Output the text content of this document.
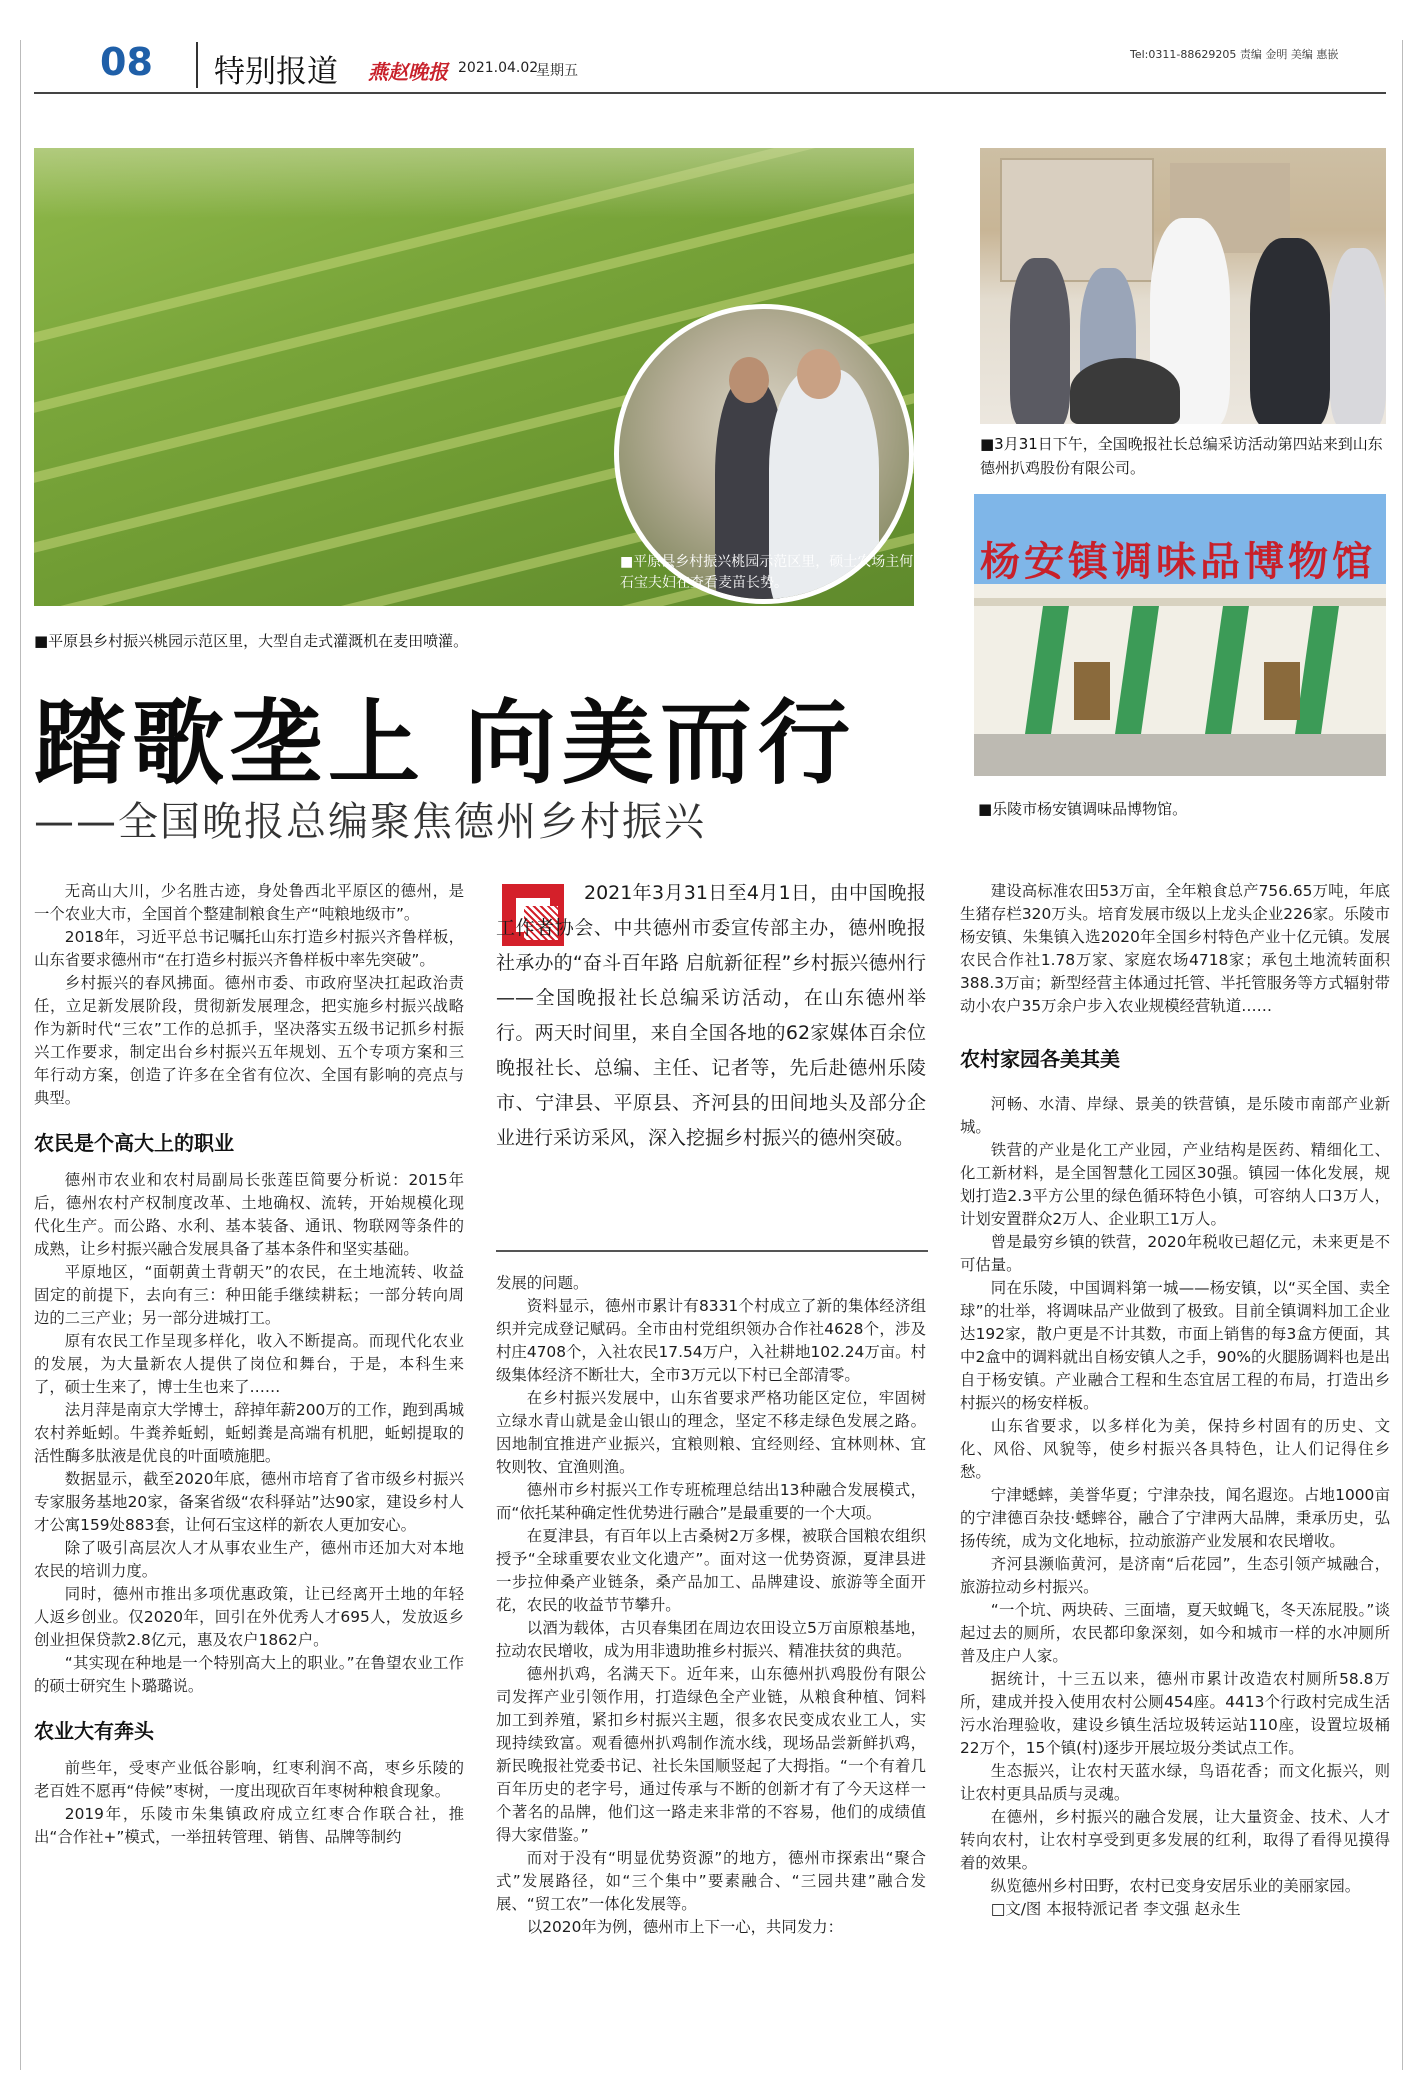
08 特别报道 燕赵晚报 2021.04.02
星期五
Tel:0311-88629205 责编 金明 美编 惠嵌
■平原县乡村振兴桃园示范区里，硕士农场主何石宝夫妇在查看麦苗长势。
■平原县乡村振兴桃园示范区里，大型自走式灌溉机在麦田喷灌。
■3月31日下午，全国晚报社长总编采访活动第四站来到山东德州扒鸡股份有限公司。
杨安镇调味品博物馆
■乐陵市杨安镇调味品博物馆。
踏歌垄上 向美而行
——全国晚报总编聚焦德州乡村振兴
2021年3月31日至4月1日，由中国晚报工作者协会、中共德州市委宣传部主办，德州晚报社承办的“奋斗百年路 启航新征程”乡村振兴德州行——全国晚报社长总编采访活动，在山东德州举行。两天时间里，来自全国各地的62家媒体百余位晚报社长、总编、主任、记者等，先后赴德州乐陵市、宁津县、平原县、齐河县的田间地头及部分企业进行采访采风，深入挖掘乡村振兴的德州突破。

无高山大川，少名胜古迹，身处鲁西北平原区的德州，是一个农业大市，全国首个整建制粮食生产“吨粮地级市”。

2018年，习近平总书记嘱托山东打造乡村振兴齐鲁样板，山东省要求德州市“在打造乡村振兴齐鲁样板中率先突破”。

乡村振兴的春风拂面。德州市委、市政府坚决扛起政治责任，立足新发展阶段，贯彻新发展理念，把实施乡村振兴战略作为新时代“三农”工作的总抓手，坚决落实五级书记抓乡村振兴工作要求，制定出台乡村振兴五年规划、五个专项方案和三年行动方案，创造了许多在全省有位次、全国有影响的亮点与典型。

农民是个高大上的职业

德州市农业和农村局副局长张莲臣简要分析说：2015年后，德州农村产权制度改革、土地确权、流转，开始规模化现代化生产。而公路、水利、基本装备、通讯、物联网等条件的成熟，让乡村振兴融合发展具备了基本条件和坚实基础。

平原地区，“面朝黄土背朝天”的农民，在土地流转、收益固定的前提下，去向有三：种田能手继续耕耘；一部分转向周边的二三产业；另一部分进城打工。

原有农民工作呈现多样化，收入不断提高。而现代化农业的发展，为大量新农人提供了岗位和舞台，于是，本科生来了，硕士生来了，博士生也来了……

法月萍是南京大学博士，辞掉年薪200万的工作，跑到禹城农村养蚯蚓。牛粪养蚯蚓，蚯蚓粪是高端有机肥，蚯蚓提取的活性酶多肽液是优良的叶面喷施肥。

数据显示，截至2020年底，德州市培育了省市级乡村振兴专家服务基地20家，备案省级“农科驿站”达90家，建设乡村人才公寓159处883套，让何石宝这样的新农人更加安心。

除了吸引高层次人才从事农业生产，德州市还加大对本地农民的培训力度。

同时，德州市推出多项优惠政策，让已经离开土地的年轻人返乡创业。仅2020年，回引在外优秀人才695人，发放返乡创业担保贷款2.8亿元，惠及农户1862户。

“其实现在种地是一个特别高大上的职业。”在鲁望农业工作的硕士研究生卜璐璐说。

农业大有奔头

前些年，受枣产业低谷影响，红枣利润不高，枣乡乐陵的老百姓不愿再“侍候”枣树，一度出现砍百年枣树种粮食现象。

2019年，乐陵市朱集镇政府成立红枣合作联合社，推出“合作社+”模式，一举扭转管理、销售、品牌等制约

发展的问题。

资料显示，德州市累计有8331个村成立了新的集体经济组织并完成登记赋码。全市由村党组织领办合作社4628个，涉及村庄4708个，入社农民17.54万户，入社耕地102.24万亩。村级集体经济不断壮大，全市3万元以下村已全部清零。

在乡村振兴发展中，山东省要求严格功能区定位，牢固树立绿水青山就是金山银山的理念，坚定不移走绿色发展之路。因地制宜推进产业振兴，宜粮则粮、宜经则经、宜林则林、宜牧则牧、宜渔则渔。

德州市乡村振兴工作专班梳理总结出13种融合发展模式，而“依托某种确定性优势进行融合”是最重要的一个大项。

在夏津县，有百年以上古桑树2万多棵，被联合国粮农组织授予“全球重要农业文化遗产”。面对这一优势资源，夏津县进一步拉伸桑产业链条，桑产品加工、品牌建设、旅游等全面开花，农民的收益节节攀升。

以酒为载体，古贝春集团在周边农田设立5万亩原粮基地，拉动农民增收，成为用非遗助推乡村振兴、精准扶贫的典范。

德州扒鸡，名满天下。近年来，山东德州扒鸡股份有限公司发挥产业引领作用，打造绿色全产业链，从粮食种植、饲料加工到养殖，紧扣乡村振兴主题，很多农民变成农业工人，实现持续致富。观看德州扒鸡制作流水线，现场品尝新鲜扒鸡，新民晚报社党委书记、社长朱国顺竖起了大拇指。“一个有着几百年历史的老字号，通过传承与不断的创新才有了今天这样一个著名的品牌，他们这一路走来非常的不容易，他们的成绩值得大家借鉴。”

而对于没有“明显优势资源”的地方，德州市探索出“聚合式”发展路径，如“三个集中”要素融合、“三园共建”融合发展、“贸工农”一体化发展等。

以2020年为例，德州市上下一心，共同发力：

建设高标准农田53万亩，全年粮食总产756.65万吨，年底生猪存栏320万头。培育发展市级以上龙头企业226家。乐陵市杨安镇、朱集镇入选2020年全国乡村特色产业十亿元镇。发展农民合作社1.78万家、家庭农场4718家；承包土地流转面积388.3万亩；新型经营主体通过托管、半托管服务等方式辐射带动小农户35万余户步入农业规模经营轨道……

农村家园各美其美

河畅、水清、岸绿、景美的铁营镇，是乐陵市南部产业新城。

铁营的产业是化工产业园，产业结构是医药、精细化工、化工新材料，是全国智慧化工园区30强。镇园一体化发展，规划打造2.3平方公里的绿色循环特色小镇，可容纳人口3万人，计划安置群众2万人、企业职工1万人。

曾是最穷乡镇的铁营，2020年税收已超亿元，未来更是不可估量。

同在乐陵，中国调料第一城——杨安镇，以“买全国、卖全球”的壮举，将调味品产业做到了极致。目前全镇调料加工企业达192家，散户更是不计其数，市面上销售的每3盒方便面，其中2盒中的调料就出自杨安镇人之手，90%的火腿肠调料也是出自于杨安镇。产业融合工程和生态宜居工程的布局，打造出乡村振兴的杨安样板。

山东省要求，以多样化为美，保持乡村固有的历史、文化、风俗、风貌等，使乡村振兴各具特色，让人们记得住乡愁。

宁津蟋蟀，美誉华夏；宁津杂技，闻名遐迩。占地1000亩的宁津德百杂技·蟋蟀谷，融合了宁津两大品牌，秉承历史，弘扬传统，成为文化地标，拉动旅游产业发展和农民增收。

齐河县濒临黄河，是济南“后花园”，生态引领产城融合，旅游拉动乡村振兴。

“一个坑、两块砖、三面墙，夏天蚊蝇飞，冬天冻屁股。”谈起过去的厕所，农民都印象深刻，如今和城市一样的水冲厕所普及庄户人家。

据统计，十三五以来，德州市累计改造农村厕所58.8万所，建成并投入使用农村公厕454座。4413个行政村完成生活污水治理验收，建设乡镇生活垃圾转运站110座，设置垃圾桶22万个，15个镇(村)逐步开展垃圾分类试点工作。

生态振兴，让农村天蓝水绿，鸟语花香；而文化振兴，则让农村更具品质与灵魂。

在德州，乡村振兴的融合发展，让大量资金、技术、人才转向农村，让农村享受到更多发展的红利，取得了看得见摸得着的效果。

纵览德州乡村田野，农村已变身安居乐业的美丽家园。

□文/图 本报特派记者 李文强 赵永生
